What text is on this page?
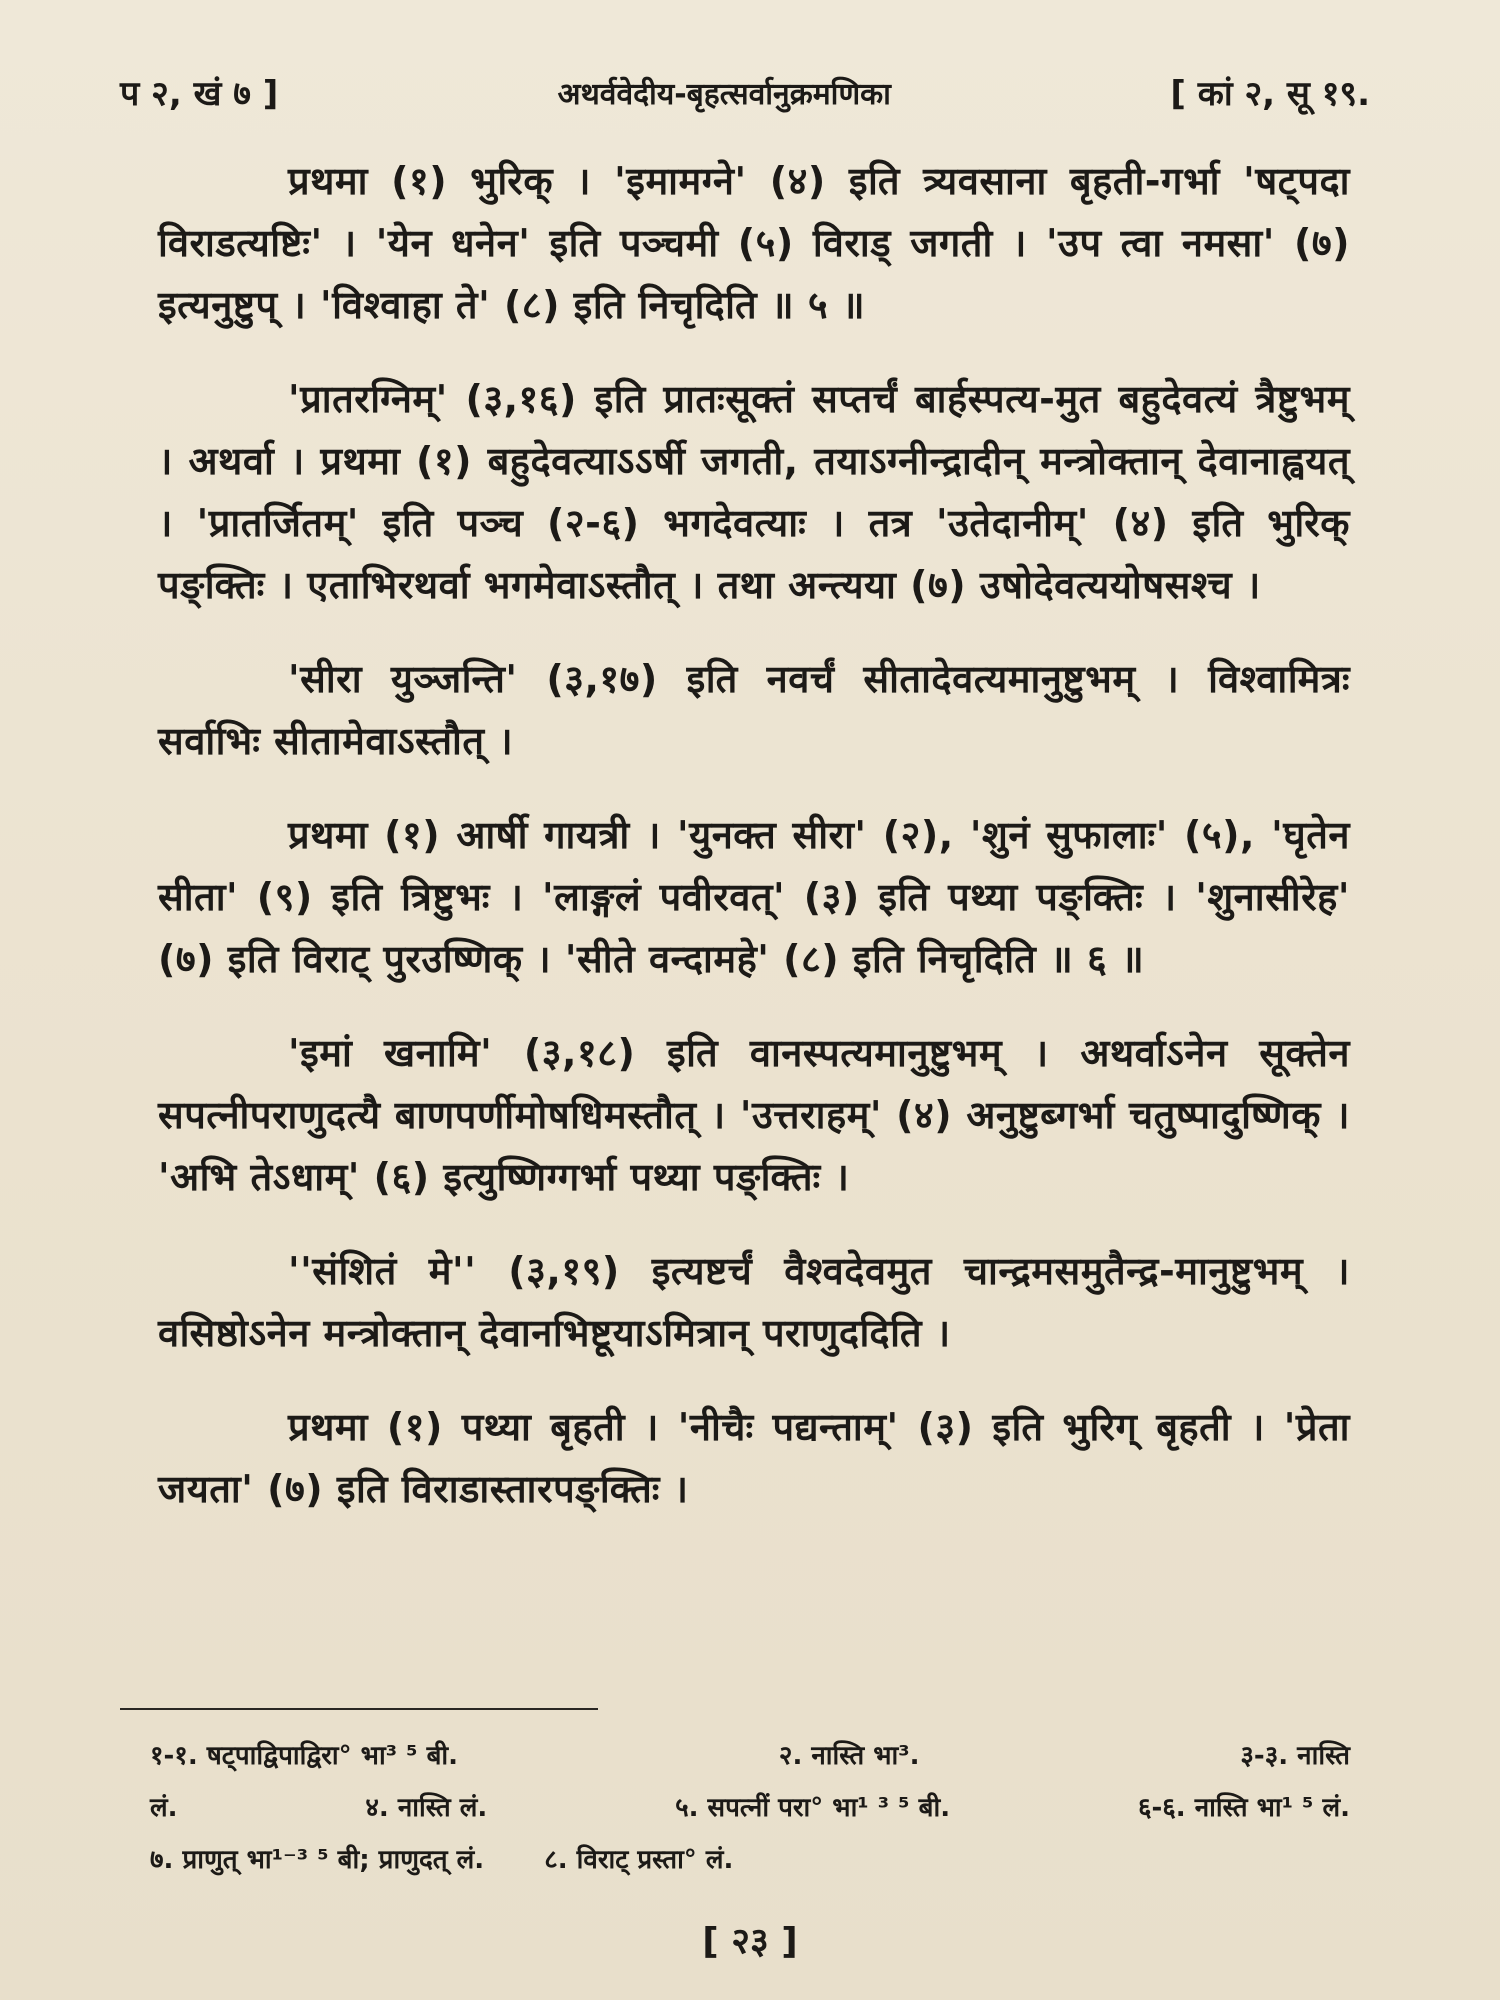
प २, खं ७ ]	अथर्ववेदीय-बृहत्सर्वानुक्रमणिका	[ कां २, सू १९.

प्रथमा (१) भुरिक् । 'इमामग्ने' (४) इति त्र्यवसाना बृहती-गर्भा 'षट्पदा विराडत्यष्टिः' । 'येन धनेन' इति पञ्चमी (५) विराड् जगती । 'उप त्वा नमसा' (७) इत्यनुष्टुप् । 'विश्वाहा ते' (८) इति निचृदिति ॥ ५ ॥

'प्रातरग्निम्' (३,१६) इति प्रातःसूक्तं सप्तर्चं बार्हस्पत्य-मुत बहुदेवत्यं त्रैष्टुभम् । अथर्वा । प्रथमा (१) बहुदेवत्याऽऽर्षी जगती, तयाऽग्नीन्द्रादीन् मन्त्रोक्तान् देवानाह्वयत् । 'प्रातर्जितम्' इति पञ्च (२-६) भगदेवत्याः । तत्र 'उतेदानीम्' (४) इति भुरिक् पङ्क्तिः । एताभिरथर्वा भगमेवाऽस्तौत् । तथा अन्त्यया (७) उषोदेवत्ययोषसश्च ।

'सीरा युञ्जन्ति' (३,१७) इति नवर्चं सीतादेवत्यमानुष्टुभम् । विश्वामित्रः सर्वाभिः सीतामेवाऽस्तौत् ।

प्रथमा (१) आर्षी गायत्री । 'युनक्त सीरा' (२), 'शुनं सुफालाः' (५), 'घृतेन सीता' (९) इति त्रिष्टुभः । 'लाङ्गलं पवीरवत्' (३) इति पथ्या पङ्क्तिः । 'शुनासीरेह' (७) इति विराट् पुरउष्णिक् । 'सीते वन्दामहे' (८) इति निचृदिति ॥ ६ ॥

'इमां खनामि' (३,१८) इति वानस्पत्यमानुष्टुभम् । अथर्वाऽनेन सूक्तेन सपत्नीपराणुदत्यै बाणपर्णीमोषधिमस्तौत् । 'उत्तराहम्' (४) अनुष्टुब्गर्भा चतुष्पादुष्णिक् । 'अभि तेऽधाम्' (६) इत्युष्णिग्गर्भा पथ्या पङ्क्तिः ।

''संशितं मे'' (३,१९) इत्यष्टर्चं वैश्वदेवमुत चान्द्रमसमुतैन्द्र-मानुष्टुभम् । वसिष्ठोऽनेन मन्त्रोक्तान् देवानभिष्टूयाऽमित्रान् पराणुददिति ।

प्रथमा (१) पथ्या बृहती । 'नीचैः पद्यन्ताम्' (३) इति भुरिग् बृहती । 'प्रेता जयता' (७) इति विराडास्तारपङ्क्तिः ।

१-१. षट्पाद्विपाद्विरा° भा³ ⁵ बी.	२. नास्ति भा³.	३-३. नास्ति
लं.	४. नास्ति लं.	५. सपत्नीं परा° भा¹ ³ ⁵ बी.	६-६. नास्ति भा¹ ⁵ लं.
७. प्राणुत् भा¹⁻³ ⁵ बी; प्राणुदत् लं. ८. विराट् प्रस्ता° लं.
[ २३ ]
